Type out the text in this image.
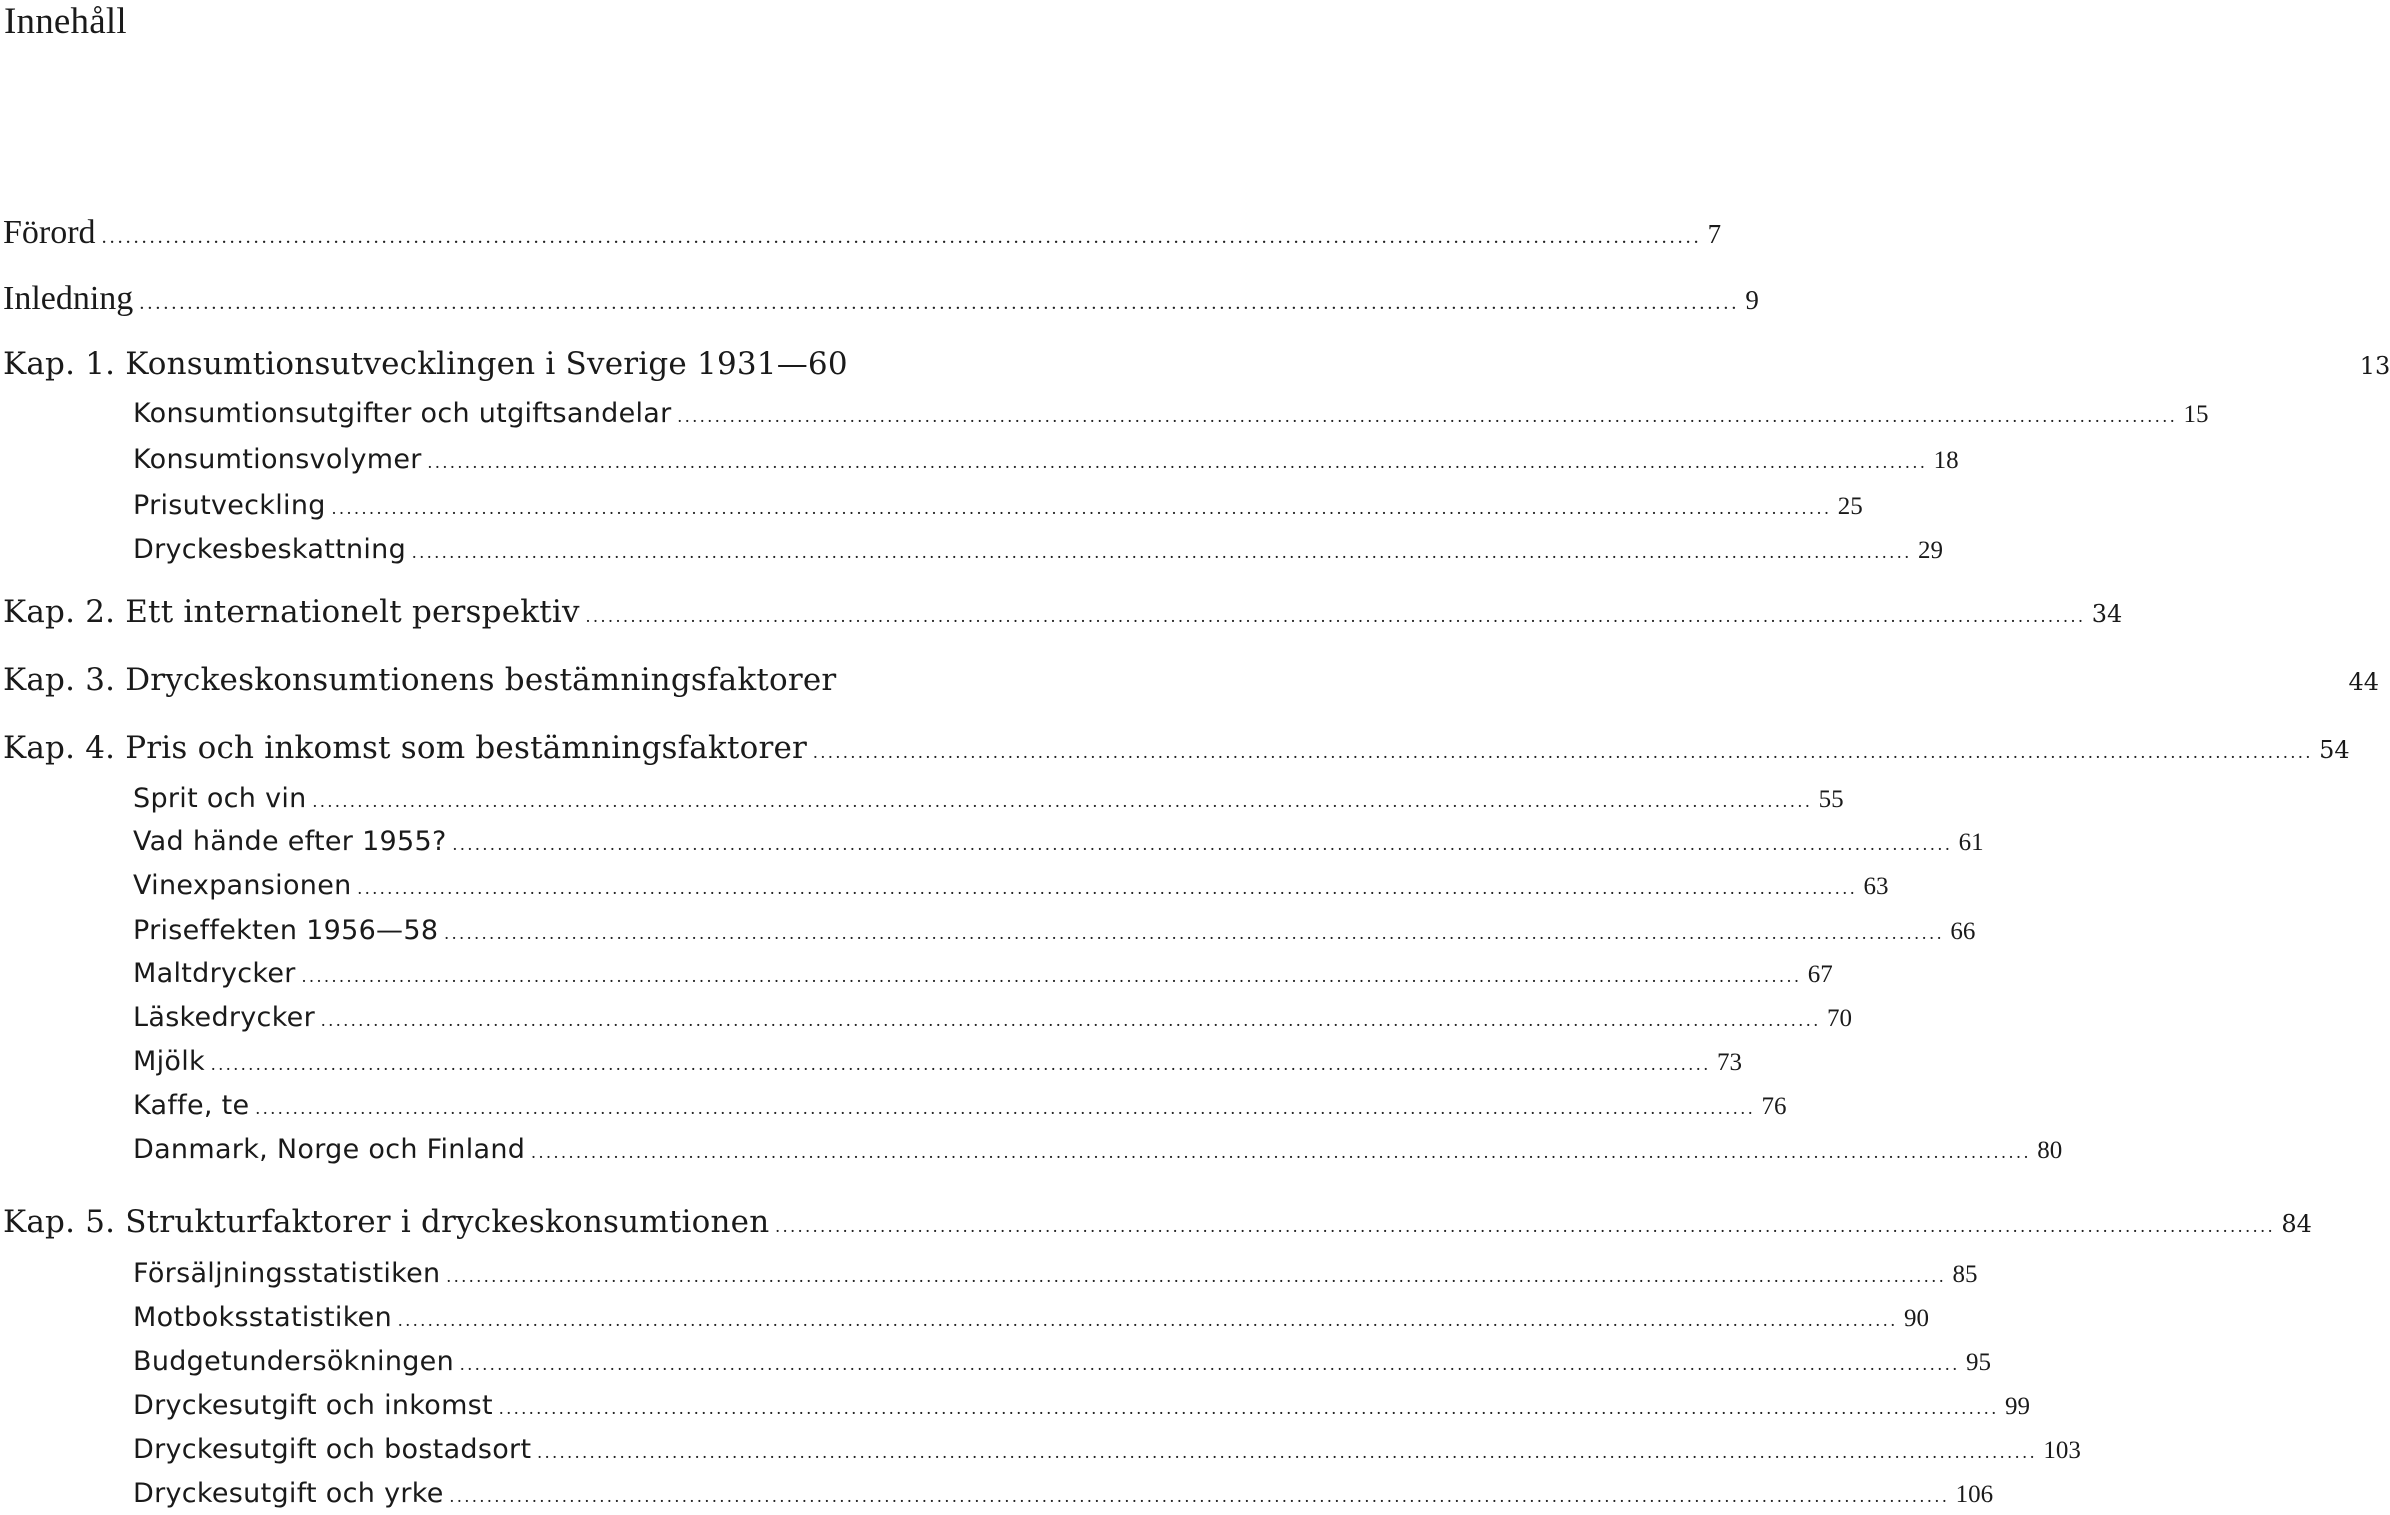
Innehåll
Förord ........................................................................................................................................................................................................ 7
Inledning ........................................................................................................................................................................................................ 9
Kap. 1. Konsumtionsutvecklingen i Sverige 1931—60	13
Konsumtionsutgifter och utgiftsandelar ........................................................................................................................................................................................................ 15
Konsumtionsvolymer ........................................................................................................................................................................................................ 18
Prisutveckling ........................................................................................................................................................................................................ 25
Dryckesbeskattning ........................................................................................................................................................................................................ 29
Kap. 2. Ett internationelt perspektiv ........................................................................................................................................................................................................ 34
Kap. 3. Dryckeskonsumtionens bestämningsfaktorer	44
Kap. 4. Pris och inkomst som bestämningsfaktorer ........................................................................................................................................................................................................ 54
Sprit och vin ........................................................................................................................................................................................................ 55
Vad hände efter 1955? ........................................................................................................................................................................................................ 61
Vinexpansionen ........................................................................................................................................................................................................ 63
Priseffekten 1956—58 ........................................................................................................................................................................................................ 66
Maltdrycker ........................................................................................................................................................................................................ 67
Läskedrycker ........................................................................................................................................................................................................ 70
Mjölk ........................................................................................................................................................................................................ 73
Kaffe, te ........................................................................................................................................................................................................ 76
Danmark, Norge och Finland ........................................................................................................................................................................................................ 80
Kap. 5. Strukturfaktorer i dryckeskonsumtionen ........................................................................................................................................................................................................ 84
Försäljningsstatistiken ........................................................................................................................................................................................................ 85
Motboksstatistiken ........................................................................................................................................................................................................ 90
Budgetundersökningen ........................................................................................................................................................................................................ 95
Dryckesutgift och inkomst ........................................................................................................................................................................................................ 99
Dryckesutgift och bostadsort ........................................................................................................................................................................................................ 103
Dryckesutgift och yrke ........................................................................................................................................................................................................ 106
